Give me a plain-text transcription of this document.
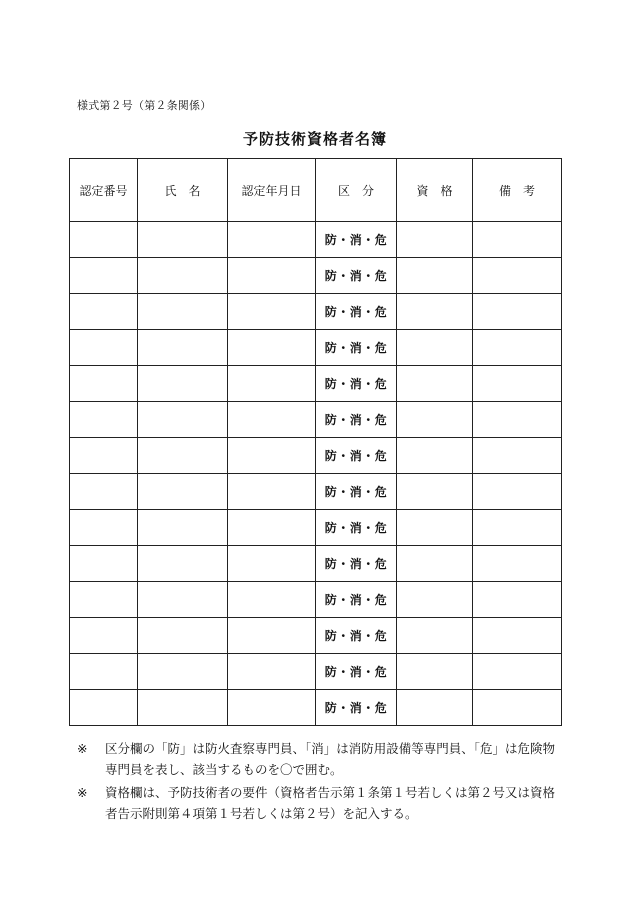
様式第２号（第２条関係）
予防技術資格者名簿
認定番号	氏　名	認定年月日	区　分	資　格	備　考
			防・消・危		
			防・消・危		
			防・消・危		
			防・消・危		
			防・消・危		
			防・消・危		
			防・消・危		
			防・消・危		
			防・消・危		
			防・消・危		
			防・消・危		
			防・消・危		
			防・消・危		
			防・消・危		
※	区分欄の「防」は防火査察専門員、「消」は消防用設備等専門員、「危」は危険物専門員を表し、該当するものを〇で囲む。
※	資格欄は、予防技術者の要件（資格者告示第１条第１号若しくは第２号又は資格者告示附則第４項第１号若しくは第２号）を記入する。
